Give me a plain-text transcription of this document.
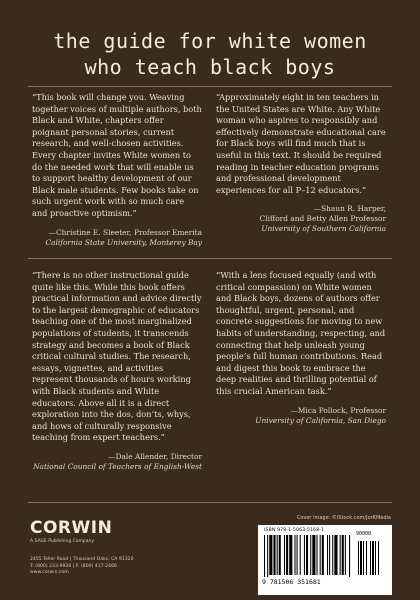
the guide for white women
who teach black boys

“This book will change you. Weaving together voices of multiple authors, both Black and White, chapters offer poignant personal stories, current research, and well-chosen activities. Every chapter invites White women to do the needed work that will enable us to support healthy development of our Black male students. Few books take on such urgent work with so much care and proactive optimism.”

—Christine E. Sleeter, Professor Emerita
California State University, Monterey Bay

“Approximately eight in ten teachers in the United States are White. Any White woman who aspires to responsibly and effectively demonstrate educational care for Black boys will find much that is useful in this text. It should be required reading in teacher education programs and professional development experiences for all P–12 educators.”

—Shaun R. Harper,
Clifford and Betty Allen Professor
University of Southern California

“There is no other instructional guide quite like this. While this book offers practical information and advice directly to the largest demographic of educators teaching one of the most marginalized populations of students, it transcends strategy and becomes a book of Black critical cultural studies. The research, essays, vignettes, and activities represent thousands of hours working with Black students and White educators. Above all it is a direct exploration into the dos, don’ts, whys, and hows of culturally responsive teaching from expert teachers.”

—Dale Allender, Director
National Council of Teachers of English-West

“With a lens focused equally (and with critical compassion) on White women and Black boys, dozens of authors offer thoughtful, urgent, personal, and concrete suggestions for moving to new habits of understanding, respecting, and connecting that help unleash young people’s full human contributions. Read and digest this book to embrace the deep realities and thrilling potential of this crucial American task.”

—Mica Pollock, Professor
University of California, San Diego
CORWIN
A SAGE Publishing Company
2455 Teller Road | Thousand Oaks, CA 91320
T: (800) 233-9936 | F: (800) 417-2466
www.corwin.com
Cover image: ©iStock.com/JorKMedia
ISBN 978-1-5063-5168-1
90000
9 781506 351681
